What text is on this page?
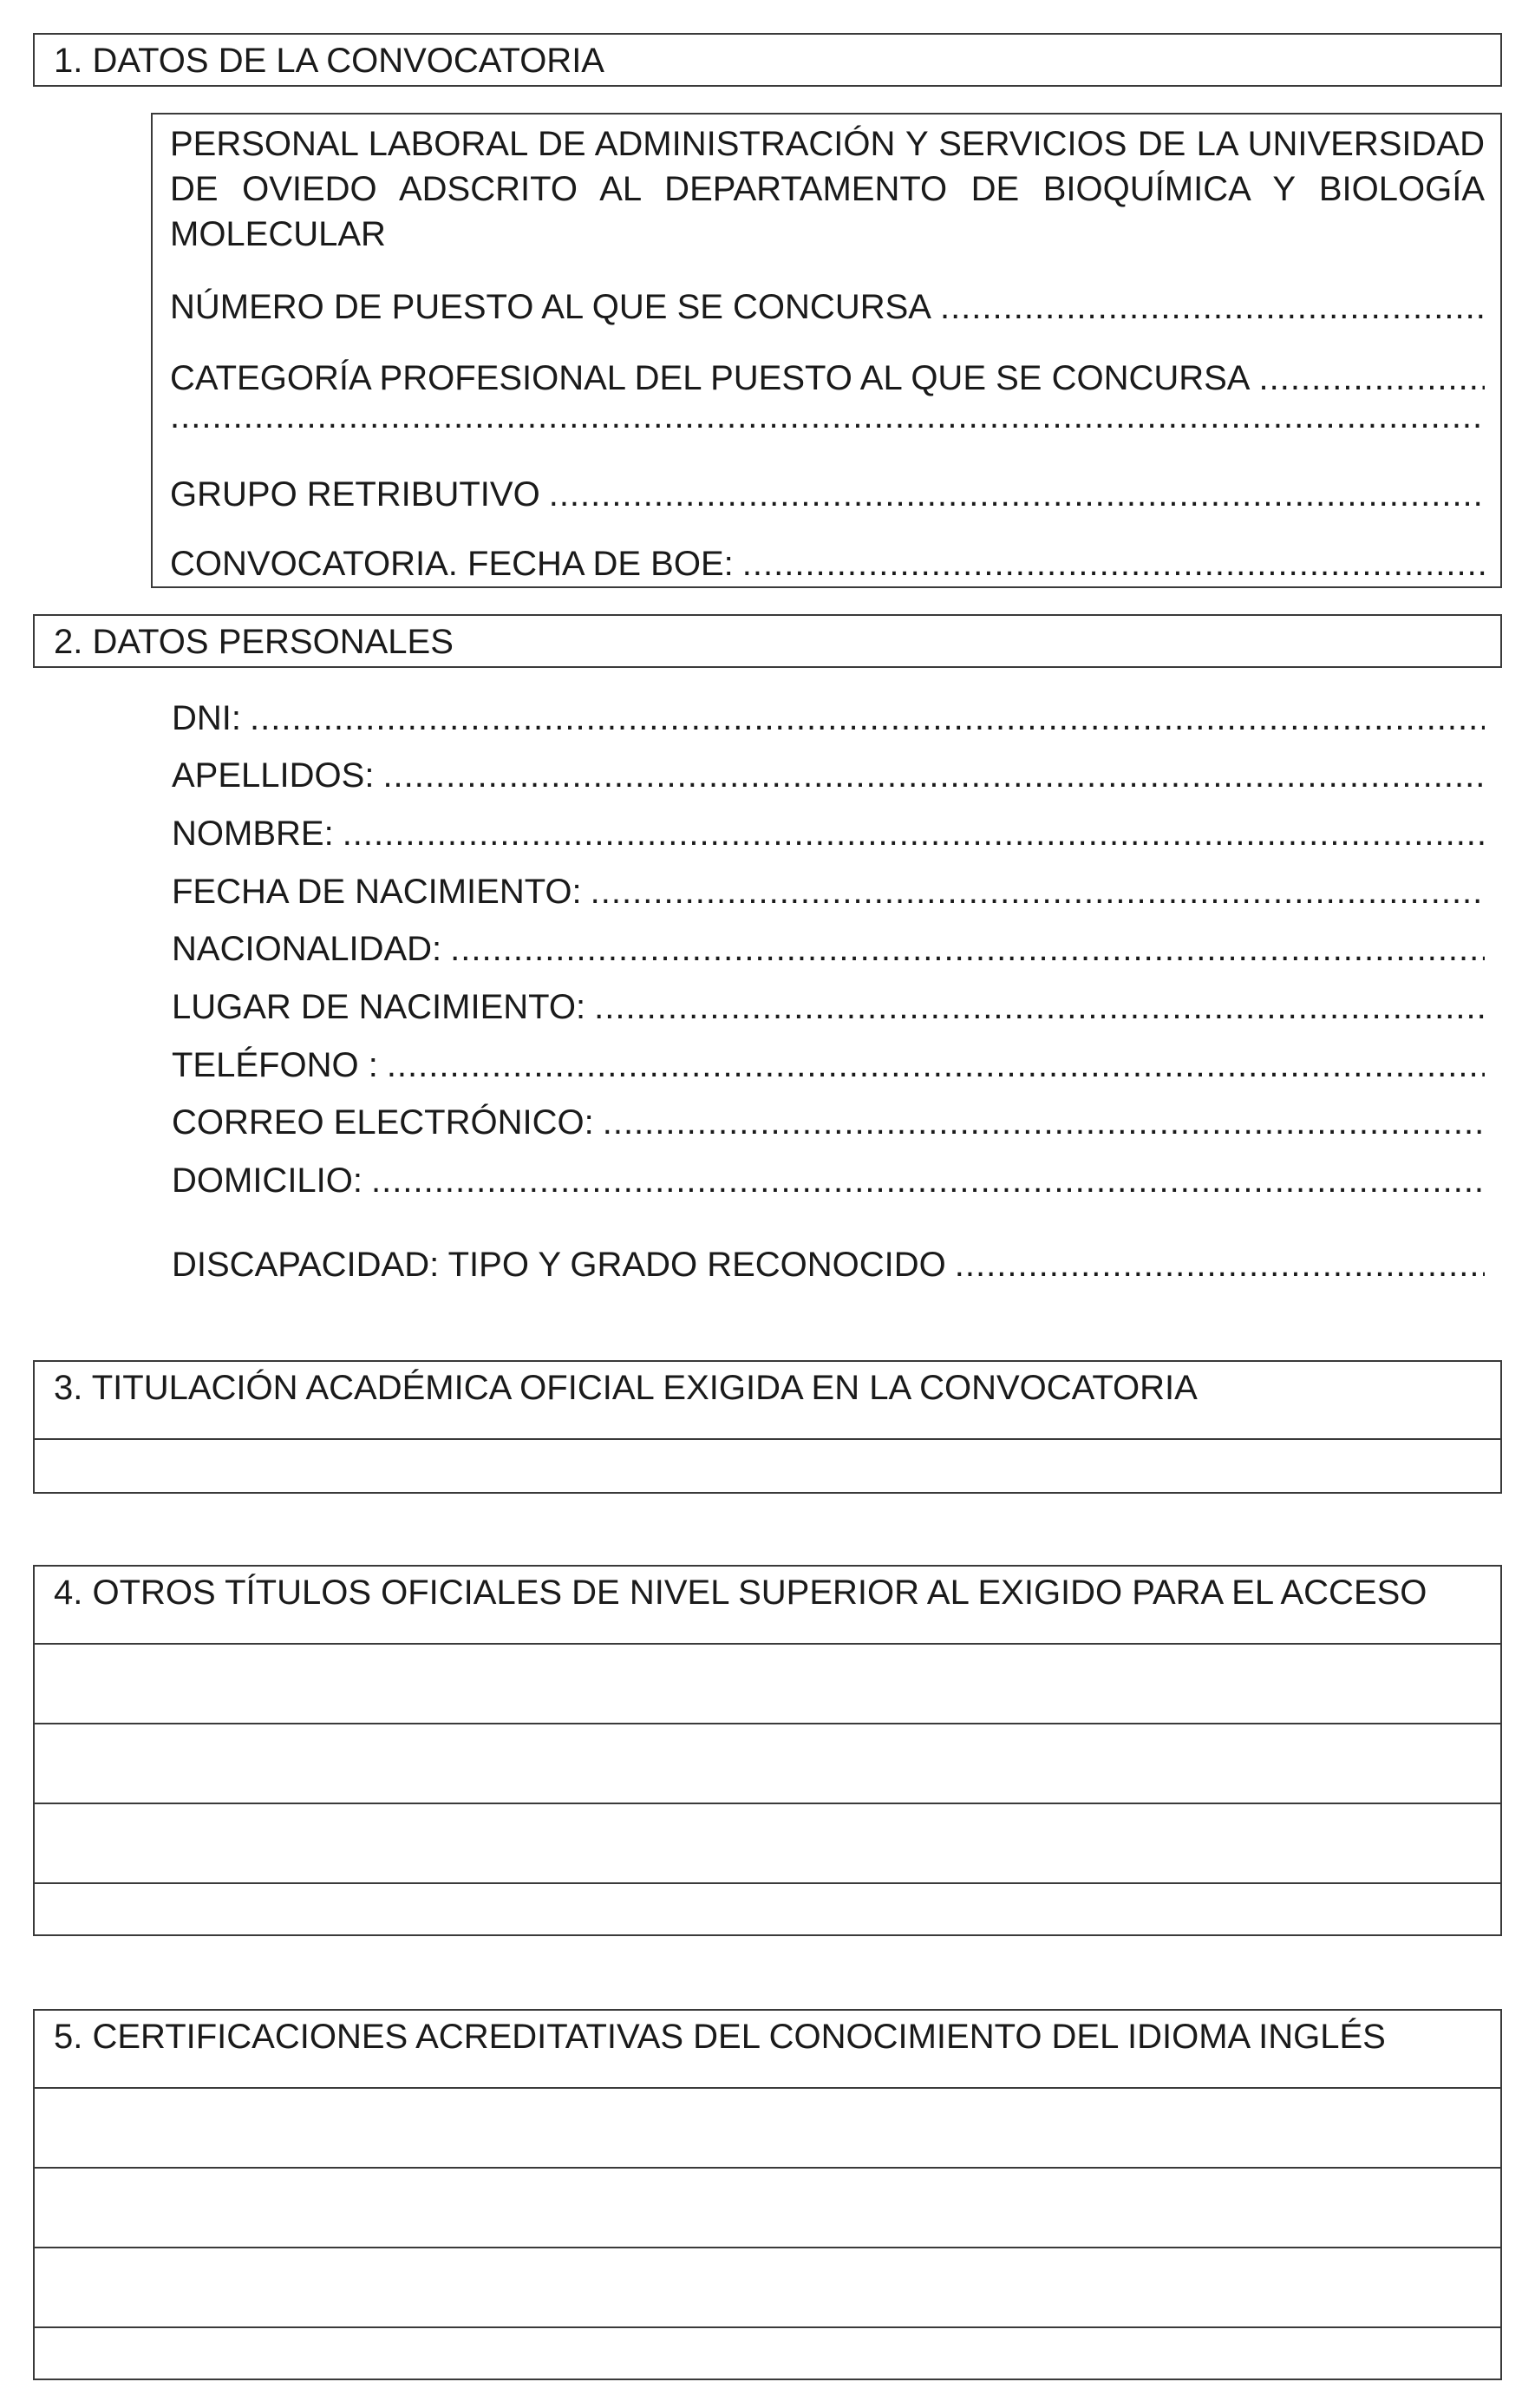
1. DATOS DE LA CONVOCATORIA
PERSONAL LABORAL DE ADMINISTRACIÓN Y SERVICIOS DE LA UNIVERSIDAD DE OVIEDO ADSCRITO AL DEPARTAMENTO DE BIOQUÍMICA Y BIOLOGÍA MOLECULAR
NÚMERO DE PUESTO AL QUE SE CONCURSA
.....
CATEGORÍA PROFESIONAL DEL PUESTO AL QUE SE CONCURSA
.....
.....
GRUPO RETRIBUTIVO
.....
CONVOCATORIA. FECHA DE BOE:
.....
2. DATOS PERSONALES
DNI:
.....
APELLIDOS:
.....
NOMBRE:
.....
FECHA DE NACIMIENTO:
.....
NACIONALIDAD:
.....
LUGAR DE NACIMIENTO:
.....
TELÉFONO :
.....
CORREO ELECTRÓNICO:
.....
DOMICILIO:
.....
DISCAPACIDAD: TIPO Y GRADO RECONOCIDO
.....
3. TITULACIÓN ACADÉMICA OFICIAL EXIGIDA EN LA CONVOCATORIA
4. OTROS TÍTULOS OFICIALES DE NIVEL SUPERIOR AL EXIGIDO PARA EL ACCESO
5. CERTIFICACIONES ACREDITATIVAS DEL CONOCIMIENTO DEL IDIOMA INGLÉS
